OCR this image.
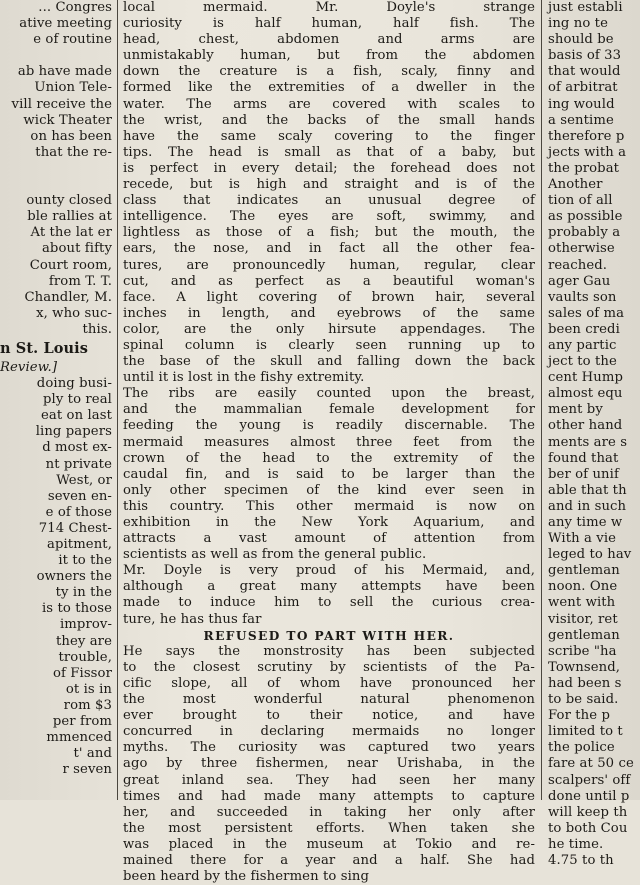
... Congres
ative meeting
e of routine
ab have made
Union Tele-
vill receive the
wick Theater
on has been
that the re-
ounty closed
ble rallies at
At the lat er
about fifty
Court room,
from T. T.
Chandler, M.
x, who suc-
this.
n St. Louis
Review.]
doing busi-
ply to real
eat on last
ling papers
d most ex-
nt private
West, or
seven en-
e of those
714 Chest-
apitment,
it to the
owners the
ty in the
is to those
improv-
they are
trouble,
of Fissor
ot is in
rom $3
per from
mmenced
t' and
r seven
local mermaid. Mr. Doyle's strange
curiosity is half human, half fish. The
head, chest, abdomen and arms are
unmistakably human, but from the abdomen
down the creature is a fish, scaly, finny and
formed like the extremities of a dweller in the
water. The arms are covered with scales to
the wrist, and the backs of the small hands
have the same scaly covering to the finger
tips. The head is small as that of a baby, but
is perfect in every detail; the forehead does not
recede, but is high and straight and is of the
class that indicates an unusual degree of
intelligence. The eyes are soft, swimmy, and
lightless as those of a fish; but the mouth, the
ears, the nose, and in fact all the other fea-
tures, are pronouncedly human, regular, clear
cut, and as perfect as a beautiful woman's
face. A light covering of brown hair, several
inches in length, and eyebrows of the same
color, are the only hirsute appendages. The
spinal column is clearly seen running up to
the base of the skull and falling down the back
until it is lost in the fishy extremity.
The ribs are easily counted upon the breast,
and the mammalian female development for
feeding the young is readily discernable. The
mermaid measures almost three feet from the
crown of the head to the extremity of the
caudal fin, and is said to be larger than the
only other specimen of the kind ever seen in
this country. This other mermaid is now on
exhibition in the New York Aquarium, and
attracts a vast amount of attention from
scientists as well as from the general public.
Mr. Doyle is very proud of his Mermaid, and,
although a great many attempts have been
made to induce him to sell the curious crea-
ture, he has thus far
REFUSED TO PART WITH HER.
He says the monstrosity has been subjected
to the closest scrutiny by scientists of the Pa-
cific slope, all of whom have pronounced her
the most wonderful natural phenomenon
ever brought to their notice, and have
concurred in declaring mermaids no longer
myths. The curiosity was captured two years
ago by three fishermen, near Urishaba, in the
great inland sea. They had seen her many
times and had made many attempts to capture
her, and succeeded in taking her only after
the most persistent efforts. When taken she
was placed in the museum at Tokio and re-
mained there for a year and a half. She had
been heard by the fishermen to sing
just establi
ing no te
should be
basis of 33
that would
of arbitrat
ing would
a sentime
therefore p
jects with a
the probat
Another
tion of all
as possible
probably a
otherwise
reached.
ager Gau
vaults son
sales of ma
been credi
any partic
ject to the
cent Hump
almost equ
ment by
other hand
ments are s
found that
ber of unif
able that th
and in such
any time w
With a vie
leged to hav
gentleman
noon. One
went with
visitor, ret
gentleman
scribe "ha
Townsend,
had been s
to be said.
For the p
limited to t
the police
fare at 50 ce
scalpers' off
done until p
will keep th
to both Cou
he time.
4.75 to th
